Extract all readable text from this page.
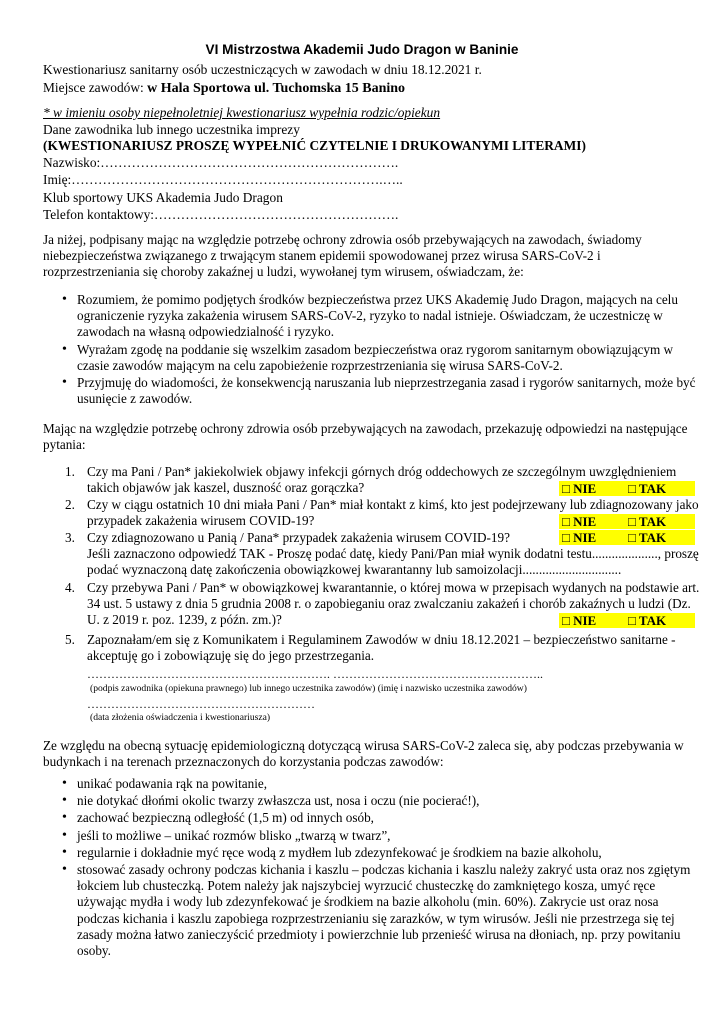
VI Mistrzostwa Akademii Judo Dragon w Baninie
Kwestionariusz sanitarny osób uczestniczących w zawodach w dniu 18.12.2021 r.
Miejsce zawodów: w Hala Sportowa ul. Tuchomska 15 Banino
* w imieniu osoby niepełnoletniej kwestionariusz wypełnia rodzic/opiekun
Dane zawodnika lub innego uczestnika imprezy
(KWESTIONARIUSZ PROSZĘ WYPEŁNIĆ CZYTELNIE I DRUKOWANYMI LITERAMI)
Nazwisko:………………………………………………………….
Imię:…………………………………………………………….…..
Klub sportowy UKS Akademia Judo Dragon
Telefon kontaktowy:……………………………………………….
Ja niżej, podpisany mając na względzie potrzebę ochrony zdrowia osób przebywających na zawodach, świadomy niebezpieczeństwa związanego z trwającym stanem epidemii spowodowanej przez wirusa SARS-CoV-2 i rozprzestrzeniania się choroby zakaźnej u ludzi, wywołanej tym wirusem, oświadczam, że:
• Rozumiem, że pomimo podjętych środków bezpieczeństwa przez UKS Akademię Judo Dragon, mających na celu ograniczenie ryzyka zakażenia wirusem SARS-CoV-2, ryzyko to nadal istnieje. Oświadczam, że uczestniczę w zawodach na własną odpowiedzialność i ryzyko.
• Wyrażam zgodę na poddanie się wszelkim zasadom bezpieczeństwa oraz rygorom sanitarnym obowiązującym w czasie zawodów mającym na celu zapobieżenie rozprzestrzeniania się wirusa SARS-CoV-2.
• Przyjmuję do wiadomości, że konsekwencją naruszania lub nieprzestrzegania zasad i rygorów sanitarnych, może być usunięcie z zawodów.
Mając na względzie potrzebę ochrony zdrowia osób przebywających na zawodach, przekazuję odpowiedzi na następujące pytania:
1. Czy ma Pani / Pan* jakiekolwiek objawy infekcji górnych dróg oddechowych ze szczególnym uwzględnieniem takich objawów jak kaszel, duszność oraz gorączka?	□ NIE □ TAK
2. Czy w ciągu ostatnich 10 dni miała Pani / Pan* miał kontakt z kimś, kto jest podejrzewany lub zdiagnozowany jako przypadek zakażenia wirusem COVID-19?	□ NIE □ TAK
3. Czy zdiagnozowano u Panią / Pana* przypadek zakażenia wirusem COVID-19?
Jeśli zaznaczono odpowiedź TAK - Proszę podać datę, kiedy Pani/Pan miał wynik dodatni testu...................., proszę podać wyznaczoną datę zakończenia obowiązkowej kwarantanny lub samoizolacji..............................
□ NIE □ TAK
4. Czy przebywa Pani / Pan* w obowiązkowej kwarantannie, o której mowa w przepisach wydanych na podstawie art. 34 ust. 5 ustawy z dnia 5 grudnia 2008 r. o zapobieganiu oraz zwalczaniu zakażeń i chorób zakaźnych u ludzi (Dz. U. z 2019 r. poz. 1239, z późn. zm.)?	□ NIE □ TAK
5. Zapoznałam/em się z Komunikatem i Regulaminem Zawodów w dniu 18.12.2021 – bezpieczeństwo sanitarne - akceptuję go i zobowiązuję się do jego przestrzegania.
……………………………………………………. ……………………………………………..
(podpis zawodnika (opiekuna prawnego) lub innego uczestnika zawodów) (imię i nazwisko uczestnika zawodów)
…………………………………………………
(data złożenia oświadczenia i kwestionariusza)
Ze względu na obecną sytuację epidemiologiczną dotyczącą wirusa SARS-CoV-2 zaleca się, aby podczas przebywania w budynkach i na terenach przeznaczonych do korzystania podczas zawodów:
• unikać podawania rąk na powitanie,
• nie dotykać dłońmi okolic twarzy zwłaszcza ust, nosa i oczu (nie pocierać!),
• zachować bezpieczną odległość (1,5 m) od innych osób,
• jeśli to możliwe – unikać rozmów blisko „twarzą w twarz”,
• regularnie i dokładnie myć ręce wodą z mydłem lub zdezynfekować je środkiem na bazie alkoholu,
• stosować zasady ochrony podczas kichania i kaszlu – podczas kichania i kaszlu należy zakryć usta oraz nos zgiętym łokciem lub chusteczką. Potem należy jak najszybciej wyrzucić chusteczkę do zamkniętego kosza, umyć ręce używając mydła i wody lub zdezynfekować je środkiem na bazie alkoholu (min. 60%). Zakrycie ust oraz nosa podczas kichania i kaszlu zapobiega rozprzestrzenianiu się zarazków, w tym wirusów. Jeśli nie przestrzega się tej zasady można łatwo zanieczyścić przedmioty i powierzchnie lub przenieść wirusa na dłoniach, np. przy powitaniu osoby.
